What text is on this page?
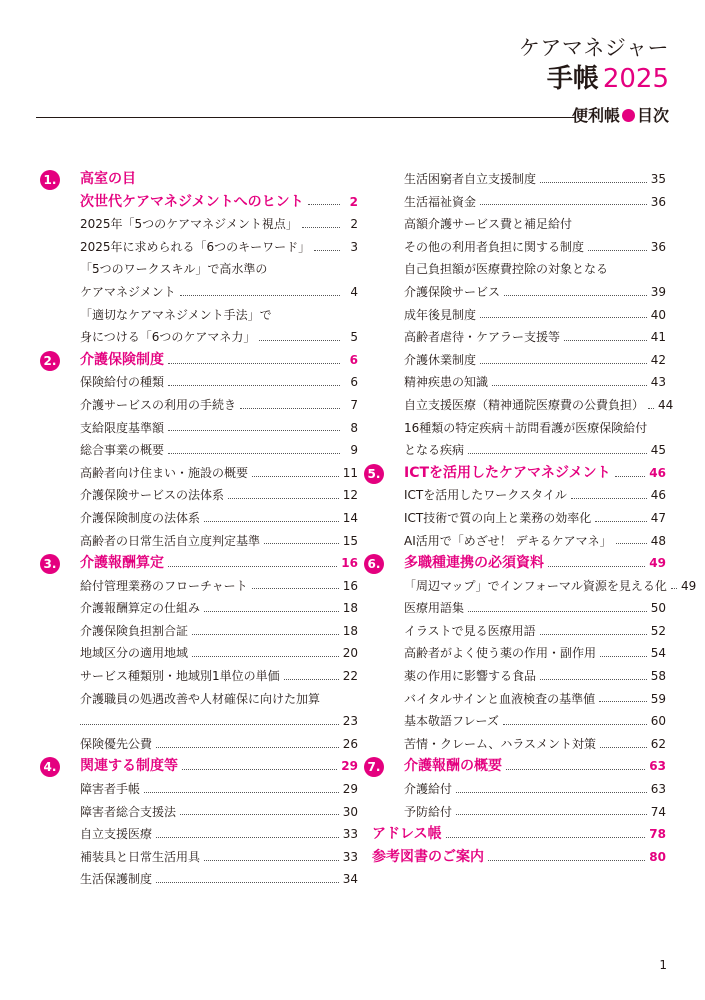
ケアマネジャー
手帳 2025
便利帳 目次
1.	高室の目
次世代ケアマネジメントへのヒント	2
2025年「5つのケアマネジメント視点」	2
2025年に求められる「6つのキーワード」	3
「5つのワークスキル」で高水準の
ケアマネジメント	4
「適切なケアマネジメント手法」で
身につける「6つのケアマネ力」	5
2.	介護保険制度	6
保険給付の種類	6
介護サービスの利用の手続き	7
支給限度基準額	8
総合事業の概要	9
高齢者向け住まい・施設の概要	11
介護保険サービスの法体系	12
介護保険制度の法体系	14
高齢者の日常生活自立度判定基準	15
3.	介護報酬算定	16
給付管理業務のフローチャート	16
介護報酬算定の仕組み	18
介護保険負担割合証	18
地域区分の適用地域	20
サービス種類別・地域別1単位の単価	22
介護職員の処遇改善や人材確保に向けた加算
23
保険優先公費	26
4.	関連する制度等	29
障害者手帳	29
障害者総合支援法	30
自立支援医療	33
補装具と日常生活用具	33
生活保護制度	34
生活困窮者自立支援制度	35
生活福祉資金	36
高額介護サービス費と補足給付
その他の利用者負担に関する制度	36
自己負担額が医療費控除の対象となる
介護保険サービス	39
成年後見制度	40
高齢者虐待・ケアラー支援等	41
介護休業制度	42
精神疾患の知識	43
自立支援医療（精神通院医療費の公費負担） 44
16種類の特定疾病＋訪問看護が医療保険給付
となる疾病	45
5.	ICTを活用したケアマネジメント	46
ICTを活用したワークスタイル	46
ICT技術で質の向上と業務の効率化	47
AI活用で「めざせ！ デキるケアマネ」	48
6.	多職種連携の必須資料	49
「周辺マップ」でインフォーマル資源を見える化 49
医療用語集	50
イラストで見る医療用語	52
高齢者がよく使う薬の作用・副作用	54
薬の作用に影響する食品	58
バイタルサインと血液検査の基準値	59
基本敬語フレーズ	60
苦情・クレーム、ハラスメント対策	62
7.	介護報酬の概要	63
介護給付	63
予防給付	74
アドレス帳	78
参考図書のご案内	80
1
